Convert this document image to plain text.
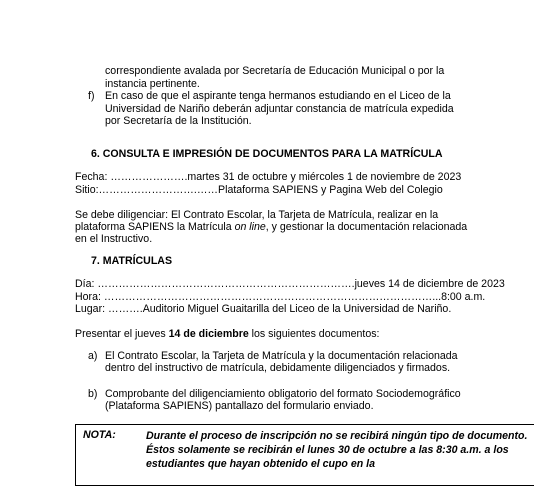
correspondiente avalada por Secretaría de Educación Municipal o por la
instancia pertinente.
f) En caso de que el aspirante tenga hermanos estudiando en el Liceo de la
Universidad de Nariño deberán adjuntar constancia de matrícula expedida
por Secretaría de la Institución.
6. CONSULTA E IMPRESIÓN DE DOCUMENTOS PARA LA MATRÍCULA
Fecha: ………………….martes 31 de octubre y miércoles 1 de noviembre de 2023
Sitio:……………………….……Plataforma SAPIENS y Pagina Web del Colegio
Se debe diligenciar: El Contrato Escolar, la Tarjeta de Matrícula, realizar en la
plataforma SAPIENS la Matrícula on line, y gestionar la documentación relacionada
en el Instructivo.
7. MATRÍCULAS
Día: ……………………………………………………………….jueves 14 de diciembre de 2023
Hora: …………………………………………………………………………………...8:00 a.m.
Lugar: ……….Auditorio Miguel Guaitarilla del Liceo de la Universidad de Nariño.
Presentar el jueves 14 de diciembre los siguientes documentos:
a) El Contrato Escolar, la Tarjeta de Matrícula y la documentación relacionada
dentro del instructivo de matrícula, debidamente diligenciados y firmados.
b) Comprobante del diligenciamiento obligatorio del formato Sociodemográfico
(Plataforma SAPIENS) pantallazo del formulario enviado.
NOTA:	Durante el proceso de inscripción no se recibirá ningún tipo de documento. Éstos solamente se recibirán el lunes 30 de octubre a las 8:30 a.m. a los estudiantes que hayan obtenido el cupo en la
